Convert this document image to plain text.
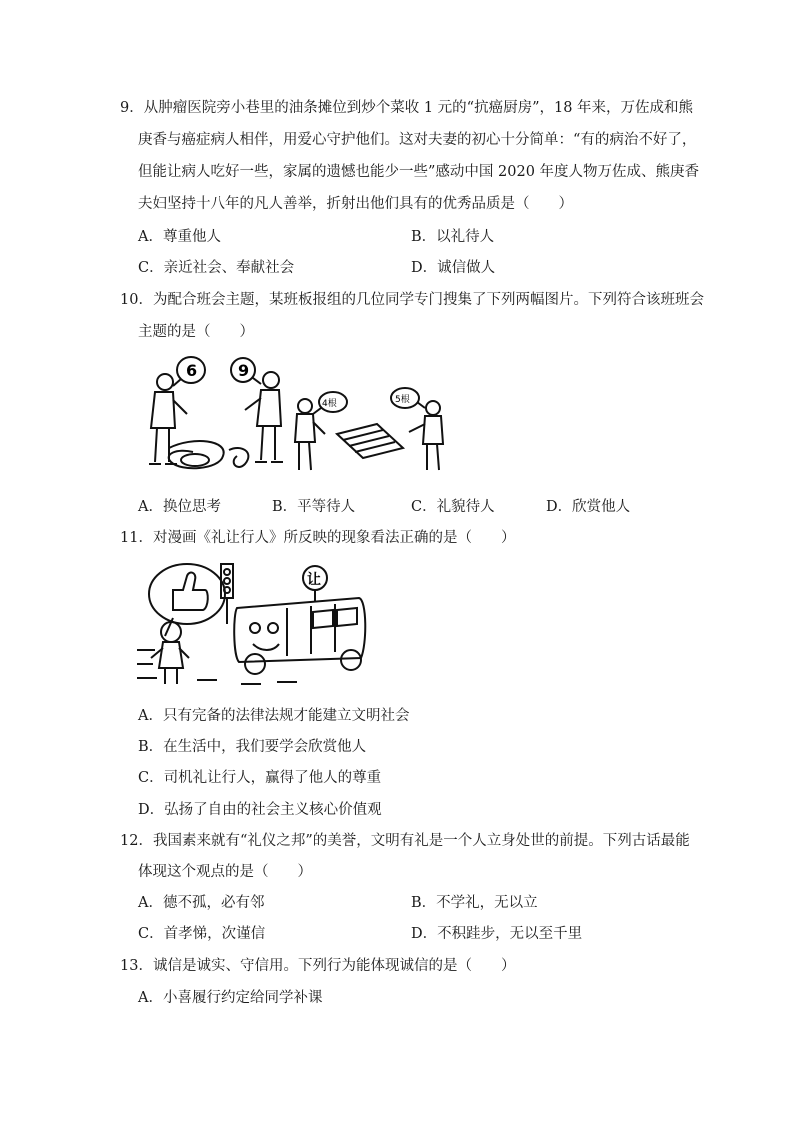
9．从肿瘤医院旁小巷里的油条摊位到炒个菜收 1 元的“抗癌厨房”，18 年来，万佐成和熊
庚香与癌症病人相伴，用爱心守护他们。这对夫妻的初心十分简单：“有的病治不好了，
但能让病人吃好一些，家属的遗憾也能少一些”感动中国 2020 年度人物万佐成、熊庚香
夫妇坚持十八年的凡人善举，折射出他们具有的优秀品质是（　　）
A．尊重他人	B．以礼待人
C．亲近社会、奉献社会	D．诚信做人
10．为配合班会主题，某班板报组的几位同学专门搜集了下列两幅图片。下列符合该班班会
主题的是（　　）
6	9
4根	5根
A．换位思考	B．平等待人	C．礼貌待人	D．欣赏他人
11．对漫画《礼让行人》所反映的现象看法正确的是（　　）
让
A．只有完备的法律法规才能建立文明社会
B．在生活中，我们要学会欣赏他人
C．司机礼让行人，赢得了他人的尊重
D．弘扬了自由的社会主义核心价值观
12．我国素来就有“礼仪之邦”的美誉，文明有礼是一个人立身处世的前提。下列古话最能
体现这个观点的是（　　）
A．德不孤，必有邻	B．不学礼，无以立
C．首孝悌，次谨信	D．不积跬步，无以至千里
13．诚信是诚实、守信用。下列行为能体现诚信的是（　　）
A．小喜履行约定给同学补课
